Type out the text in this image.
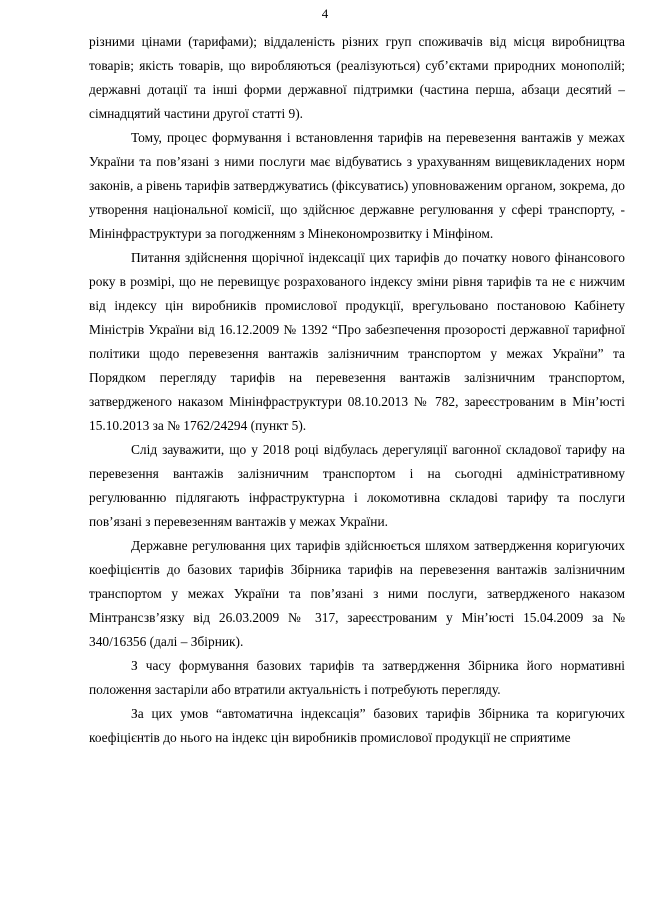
4

різними цінами (тарифами); віддаленість різних груп споживачів від місця виробництва товарів; якість товарів, що виробляються (реалізуються) суб’єктами природних монополій; державні дотації та інші форми державної підтримки (частина перша, абзаци десятий – сімнадцятий частини другої статті 9).

Тому, процес формування і встановлення тарифів на перевезення вантажів у межах України та пов’язані з ними послуги має відбуватись з урахуванням вищевикладених норм законів, а рівень тарифів затверджуватись (фіксуватись) уповноваженим органом, зокрема, до утворення національної комісії, що здійснює державне регулювання у сфері транспорту, - Мінінфраструктури за погодженням з Мінекономрозвитку і Мінфіном.

Питання здійснення щорічної індексації цих тарифів до початку нового фінансового року в розмірі, що не перевищує розрахованого індексу зміни рівня тарифів та не є нижчим від індексу цін виробників промислової продукції, врегульовано постановою Кабінету Міністрів України від 16.12.2009 № 1392 “Про забезпечення прозорості державної тарифної політики щодо перевезення вантажів залізничним транспортом у межах України” та Порядком перегляду тарифів на перевезення вантажів залізничним транспортом, затвердженого наказом Мінінфраструктури 08.10.2013 № 782, зареєстрованим в Мін’юсті 15.10.2013 за № 1762/24294 (пункт 5).

Слід зауважити, що у 2018 році відбулась дерегуляції вагонної складової тарифу на перевезення вантажів залізничним транспортом і на сьогодні адміністративному регулюванню підлягають інфраструктурна і локомотивна складові тарифу та послуги пов’язані з перевезенням вантажів у межах України.

Державне регулювання цих тарифів здійснюється шляхом затвердження коригуючих коефіцієнтів до базових тарифів Збірника тарифів на перевезення вантажів залізничним транспортом у межах України та пов’язані з ними послуги, затвердженого наказом Мінтрансзв’язку від 26.03.2009 № 317, зареєстрованим у Мін’юсті 15.04.2009 за № 340/16356 (далі – Збірник).

З часу формування базових тарифів та затвердження Збірника його нормативні положення застаріли або втратили актуальність і потребують перегляду.

За цих умов “автоматична індексація” базових тарифів Збірника та коригуючих коефіцієнтів до нього на індекс цін виробників промислової продукції не сприятиме
